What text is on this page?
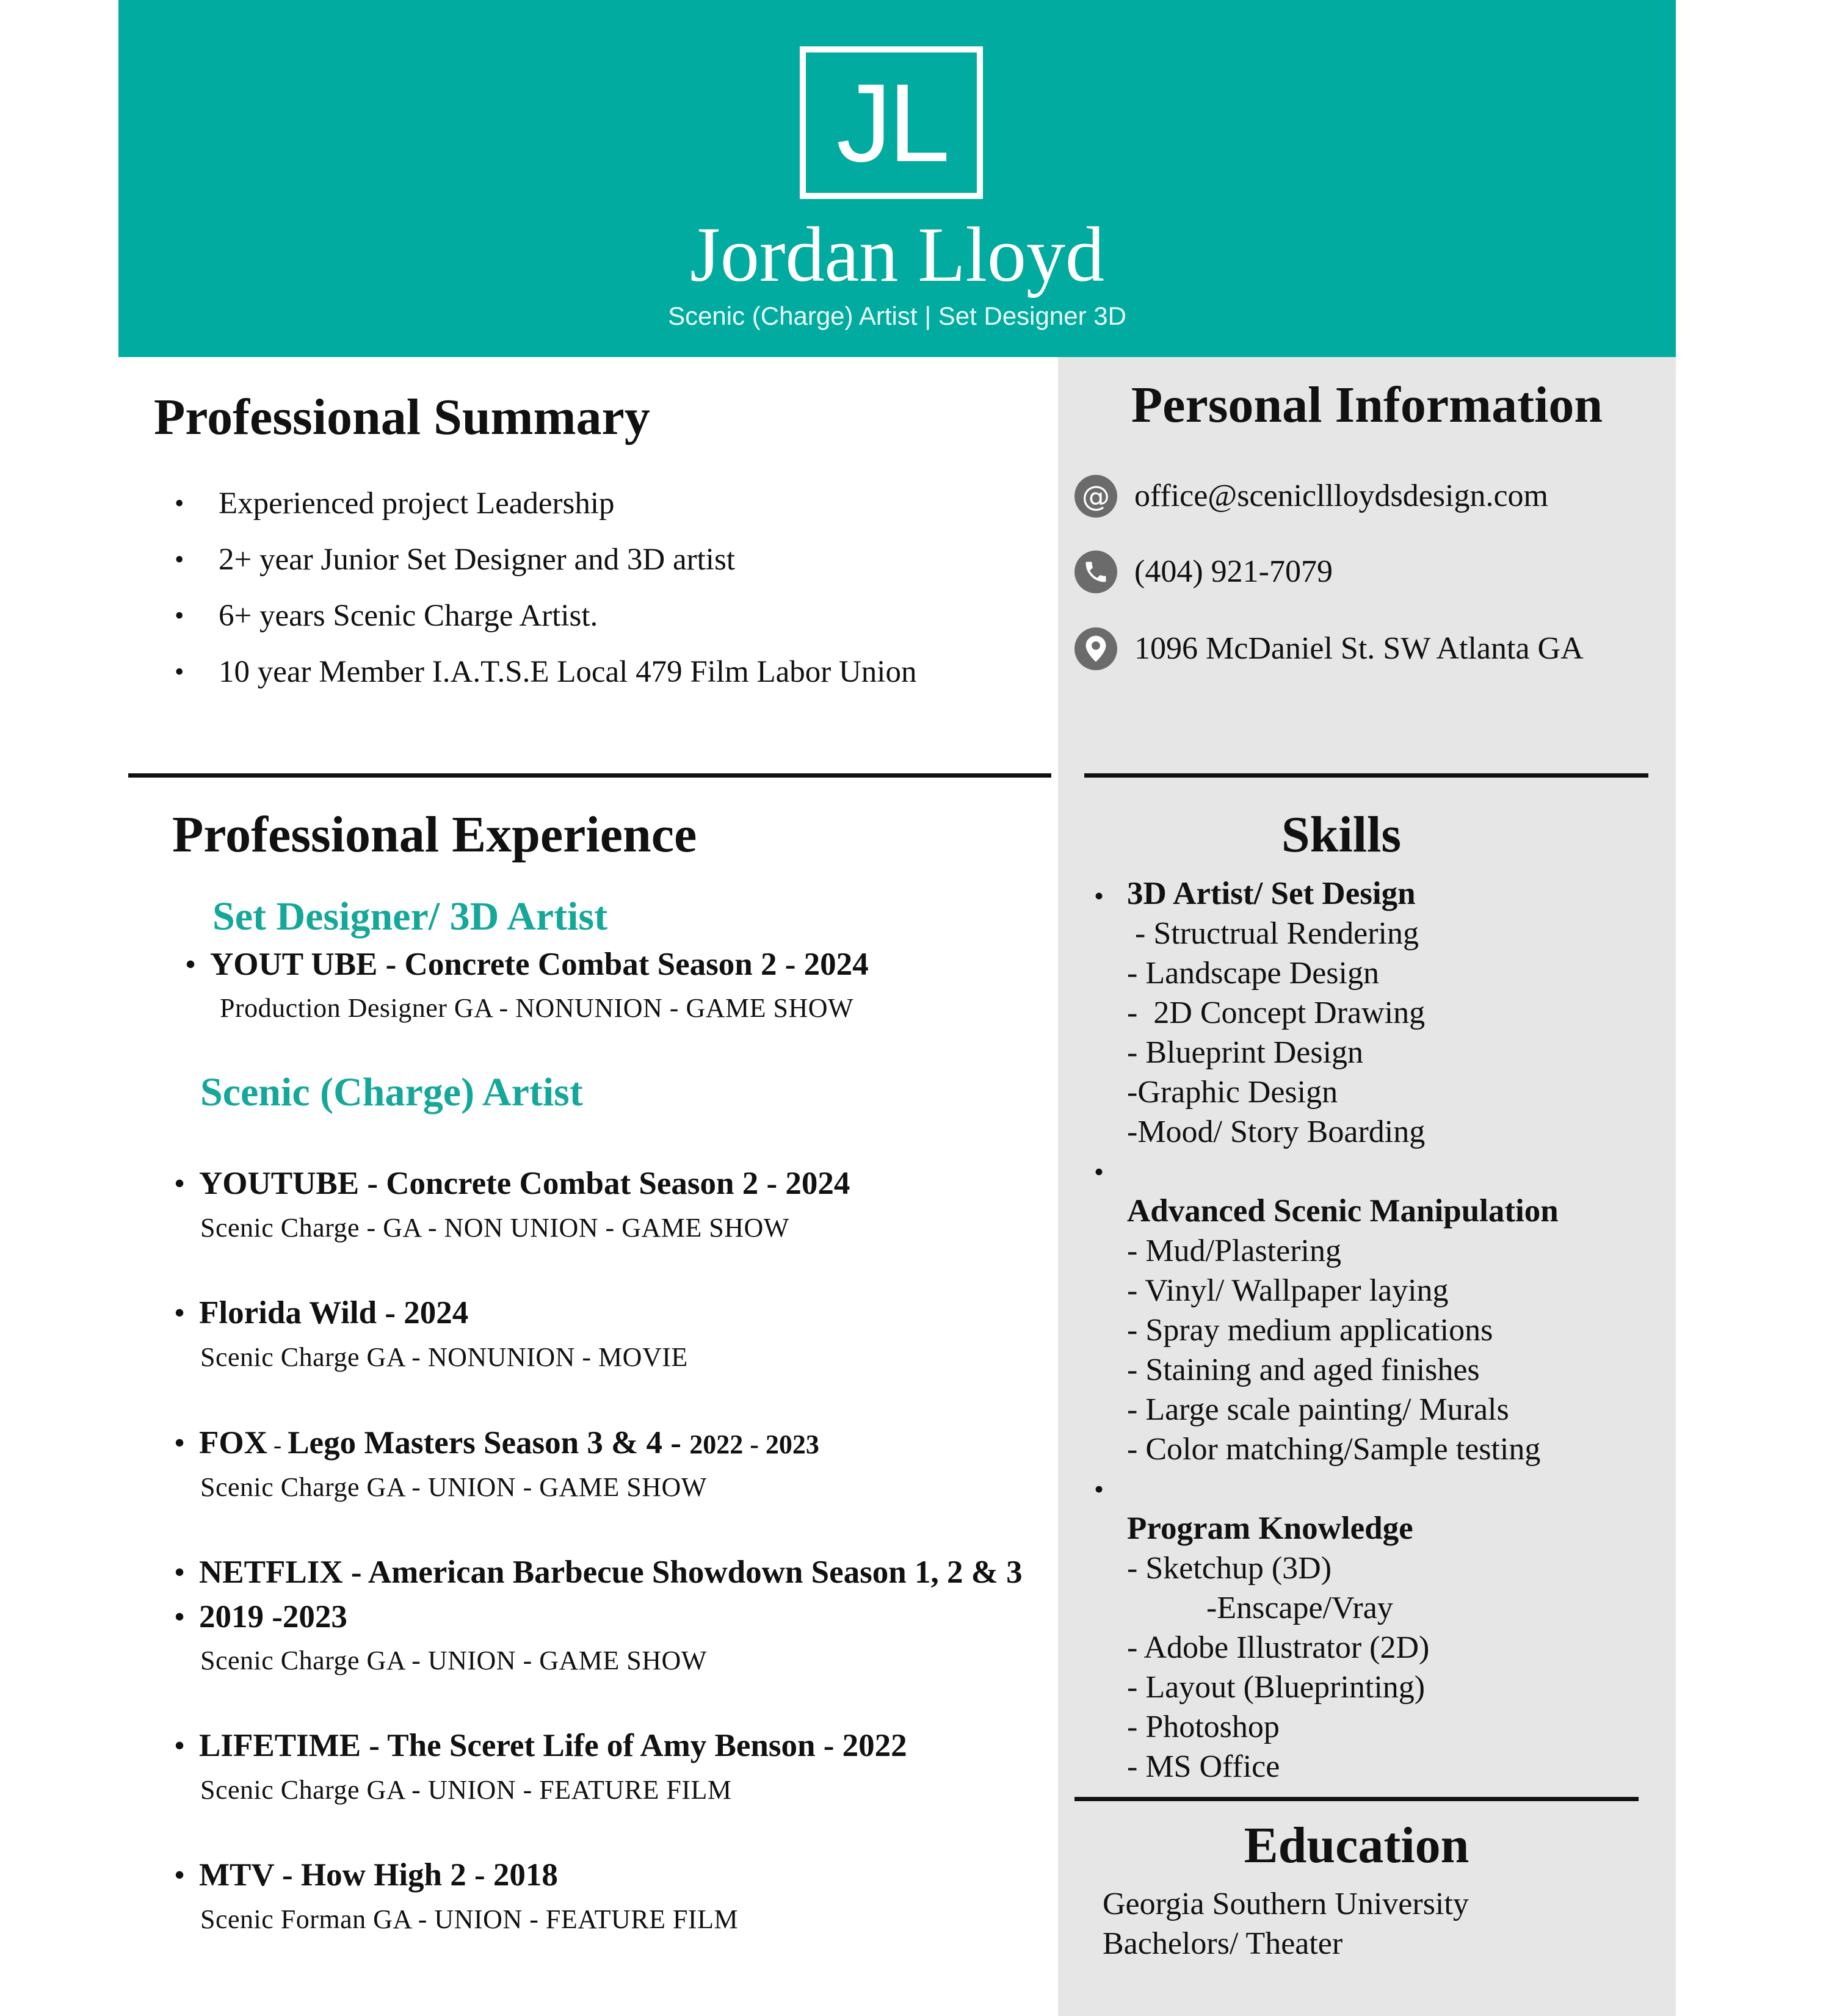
JL
Jordan Lloyd
Scenic (Charge) Artist | Set Designer 3D
Professional Summary
• Experienced project Leadership
• 2+ year Junior Set Designer and 3D artist
• 6+ years Scenic Charge Artist.
• 10 year Member I.A.T.S.E Local 479 Film Labor Union
Professional Experience
Set Designer/ 3D Artist
• YOUT UBE - Concrete Combat Season 2 - 2024
Production Designer GA - NONUNION - GAME SHOW
Scenic (Charge) Artist
• YOUTUBE - Concrete Combat Season 2 - 2024
Scenic Charge - GA - NON UNION - GAME SHOW
• Florida Wild - 2024
Scenic Charge GA - NONUNION - MOVIE
• FOX - Lego Masters Season 3 & 4 - 2022 - 2023
Scenic Charge GA - UNION - GAME SHOW
• NETFLIX - American Barbecue Showdown Season 1, 2 & 3
• 2019 -2023
Scenic Charge GA - UNION - GAME SHOW
• LIFETIME - The Sceret Life of Amy Benson - 2022
Scenic Charge GA - UNION - FEATURE FILM
• MTV - How High 2 - 2018
Scenic Forman GA - UNION - FEATURE FILM
Personal Information
@ office@scenicllloydsdesign.com
(404) 921-7079
1096 McDaniel St. SW Atlanta GA
Skills
• 3D Artist/ Set Design
- Structrual Rendering
- Landscape Design
-  2D Concept Drawing
- Blueprint Design
-Graphic Design
-Mood/ Story Boarding
•
Advanced Scenic Manipulation
- Mud/Plastering
- Vinyl/ Wallpaper laying
- Spray medium applications
- Staining and aged finishes
- Large scale painting/ Murals
- Color matching/Sample testing
•
Program Knowledge
- Sketchup (3D)
-Enscape/Vray
- Adobe Illustrator (2D)
- Layout (Blueprinting)
- Photoshop
- MS Office
Education
Georgia Southern University
Bachelors/ Theater
